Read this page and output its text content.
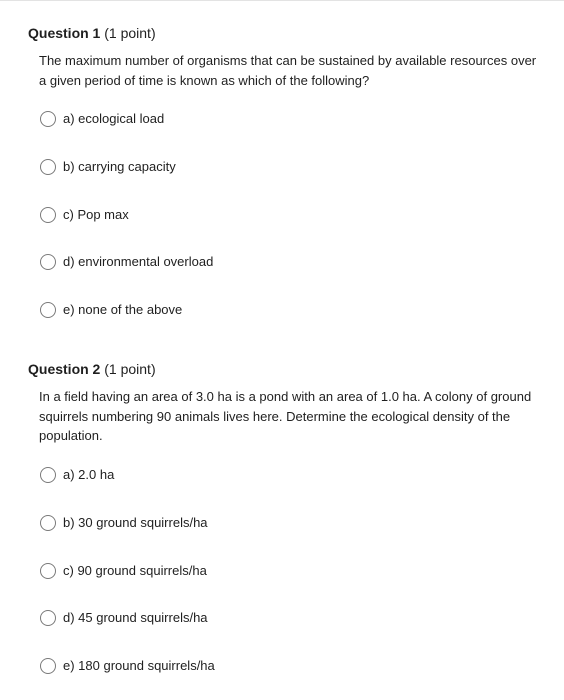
Question 1 (1 point)

The maximum number of organisms that can be sustained by available resources over a given period of time is known as which of the following?

a) ecological load
b) carrying capacity
c) Pop max
d) environmental overload
e) none of the above

Question 2 (1 point)

In a field having an area of 3.0 ha is a pond with an area of 1.0 ha. A colony of ground squirrels numbering 90 animals lives here. Determine the ecological density of the population.

a) 2.0 ha
b) 30 ground squirrels/ha
c) 90 ground squirrels/ha
d) 45 ground squirrels/ha
e) 180 ground squirrels/ha
